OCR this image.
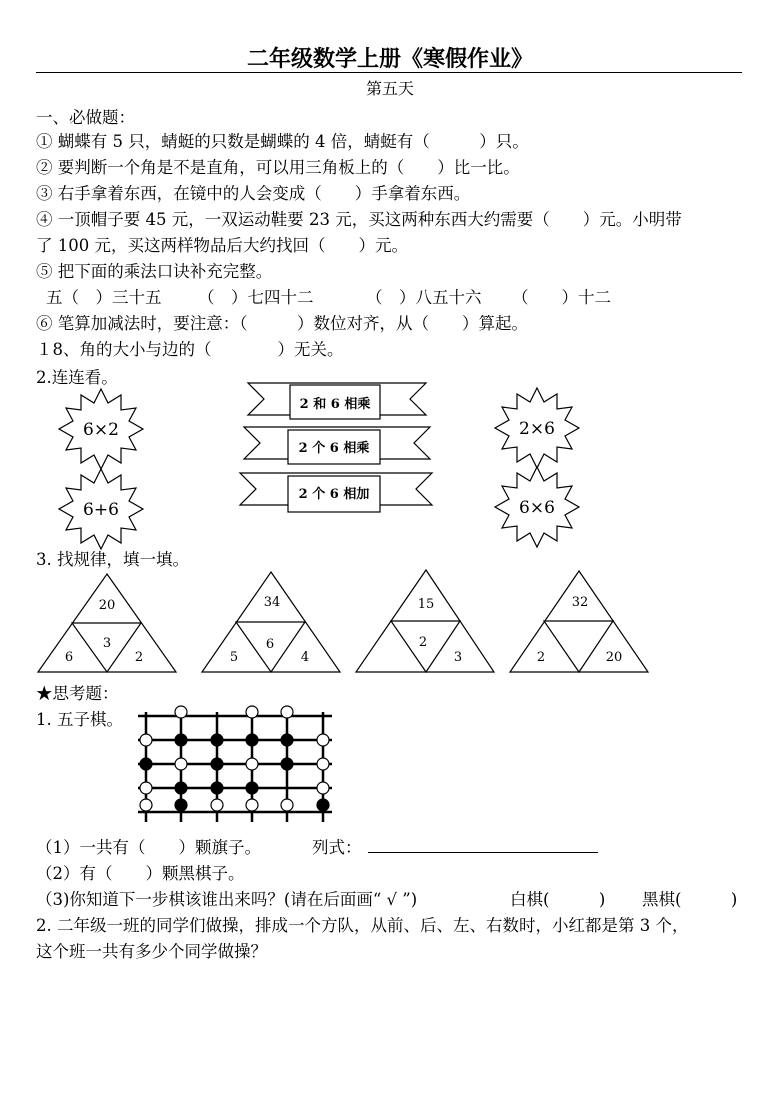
二年级数学上册《寒假作业》
第五天
一、必做题：
① 蝴蝶有 5 只，蜻蜓的只数是蝴蝶的 4 倍，蜻蜓有（　　　）只。
② 要判断一个角是不是直角，可以用三角板上的（　　）比一比。
③ 右手拿着东西，在镜中的人会变成（　　）手拿着东西。
④ 一顶帽子要 45 元，一双运动鞋要 23 元，买这两种东西大约需要（　　）元。小明带
了 100 元，买这两样物品后大约找回（　　）元。
⑤ 把下面的乘法口诀补充完整。
五（　）三十五 （　）七四十二	（　）八五十六 （　　）十二
⑥ 笔算加减法时，要注意：（　　　）数位对齐，从（　　）算起。
１8、角的大小与边的（　　　　）无关。
2.连连看。
6×2
6+6
2 和 6 相乘
2 个 6 相乘
2 个 6 相加
2×6
6×6
3. 找规律，填一填。
20
3
6	2
34
6
5	4
15
2
3
32
2	20
★思考题：
1. 五子棋。
（1）一共有（　　）颗旗子。	列式：
（2）有（　　）颗黑棋子。
（3)你知道下一步棋该谁出来吗？(请在后面画“ √ ”)	白棋(　　　) 黑棋(　　　)
2. 二年级一班的同学们做操，排成一个方队，从前、后、左、右数时，小红都是第 3 个，
这个班一共有多少个同学做操？
